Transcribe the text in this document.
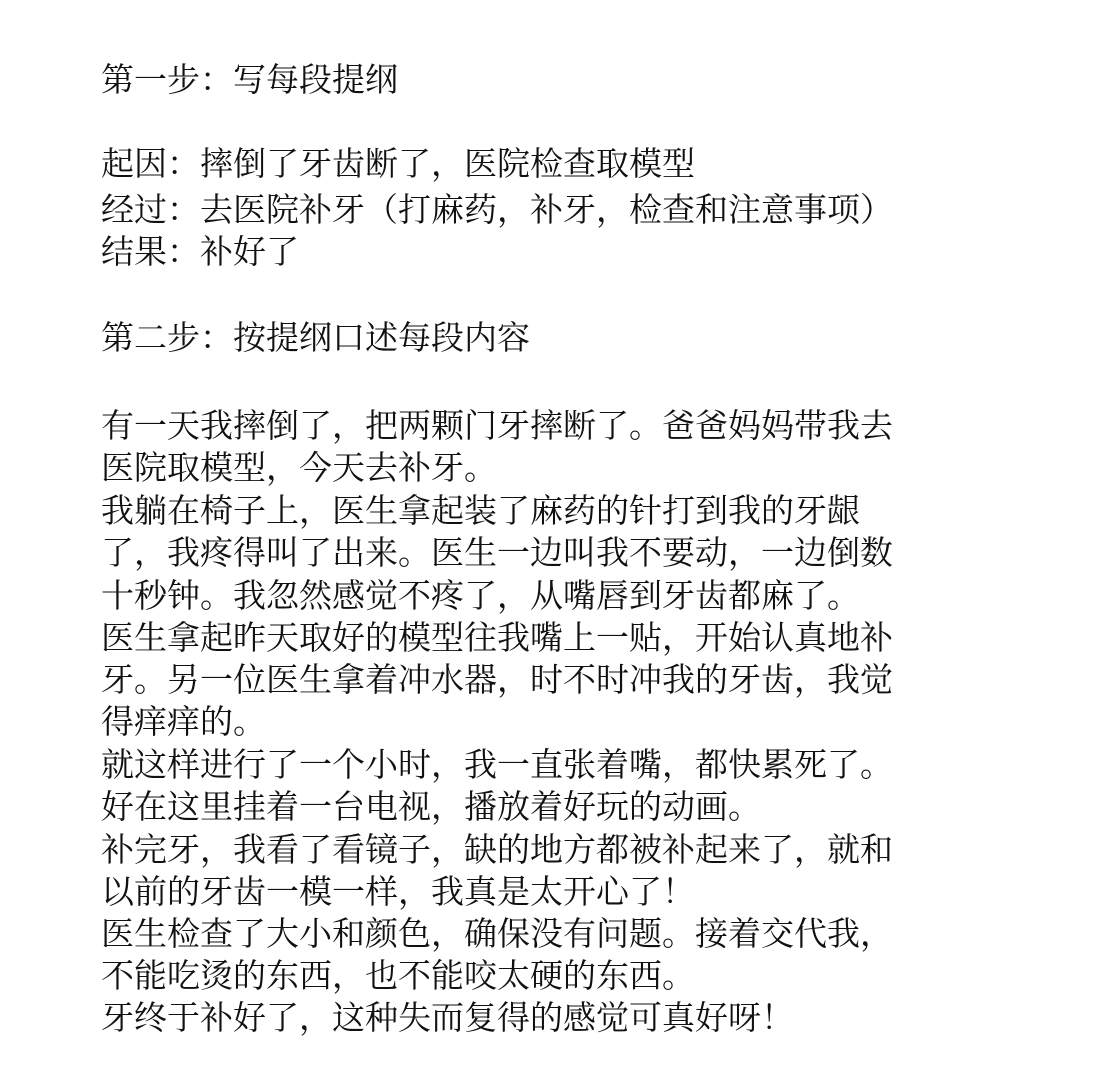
第一步：写每段提纲
起因：摔倒了牙齿断了，医院检查取模型
经过：去医院补牙（打麻药，补牙，检查和注意事项）
结果：补好了
第二步：按提纲口述每段内容
有一天我摔倒了，把两颗门牙摔断了。爸爸妈妈带我去
医院取模型，今天去补牙。
我躺在椅子上，医生拿起装了麻药的针打到我的牙龈
了，我疼得叫了出来。医生一边叫我不要动，一边倒数
十秒钟。我忽然感觉不疼了，从嘴唇到牙齿都麻了。
医生拿起昨天取好的模型往我嘴上一贴，开始认真地补
牙。另一位医生拿着冲水器，时不时冲我的牙齿，我觉
得痒痒的。
就这样进行了一个小时，我一直张着嘴，都快累死了。
好在这里挂着一台电视，播放着好玩的动画。
补完牙，我看了看镜子，缺的地方都被补起来了，就和
以前的牙齿一模一样，我真是太开心了！
医生检查了大小和颜色，确保没有问题。接着交代我，
不能吃烫的东西，也不能咬太硬的东西。
牙终于补好了，这种失而复得的感觉可真好呀！
